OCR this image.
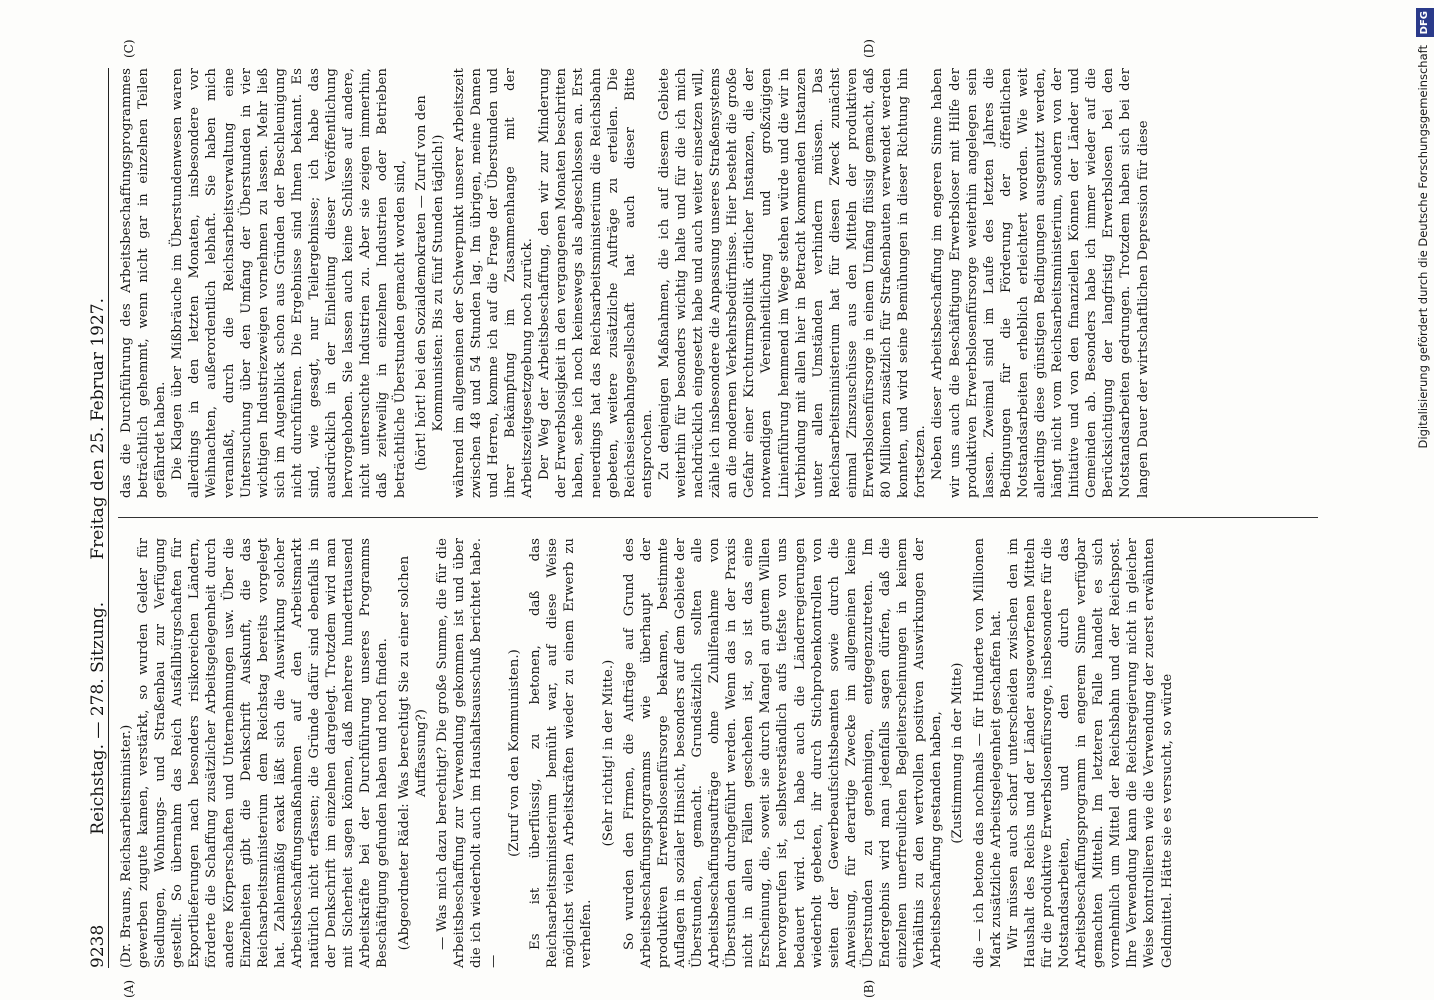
9238
Reichstag. — 278. Sitzung.
Freitag den 25. Februar 1927.
(A)	(B)
(C)	(D)

(Dr. Brauns, Reichsarbeitsminister.) gewerben zugute kamen, verstärkt, so wurden Gelder für Siedlungen, Wohnungs- und Straßenbau zur Verfügung gestellt. So übernahm das Reich Ausfallbürgschaften für Exportlieferungen nach besonders risikoreichen Ländern, förderte die Schaffung zusätzlicher Arbeitsgelegenheit durch andere Körperschaften und Unternehmungen usw. Über die Einzelheiten gibt die Denkschrift Auskunft, die das Reichsarbeitsministerium dem Reichstag bereits vorgelegt hat. Zahlenmäßig exakt läßt sich die Auswirkung solcher Arbeitsbeschaffungsmaßnahmen auf den Arbeitsmarkt natürlich nicht erfassen; die Gründe dafür sind ebenfalls in der Denkschrift im einzelnen dargelegt. Trotzdem wird man mit Sicherheit sagen können, daß mehrere hunderttausend Arbeitskräfte bei der Durchführung unseres Programms Beschäftigung gefunden haben und noch finden. (Abgeordneter Rädel: Was berechtigt Sie zu einer solchen Auffassung?) — Was mich dazu berechtigt? Die große Summe, die für die Arbeitsbeschaffung zur Verwendung gekommen ist und über die ich wiederholt auch im Haushaltsausschuß berichtet habe. —

(Zuruf von den Kommunisten.) Es ist überflüssig, zu betonen, daß das Reichsarbeitsministerium bemüht war, auf diese Weise möglichst vielen Arbeitskräften wieder zu einem Erwerb zu verhelfen.

(Sehr richtig! in der Mitte.) So wurden den Firmen, die Aufträge auf Grund des Arbeitsbeschaffungsprogramms wie überhaupt der produktiven Erwerbslosenfürsorge bekamen, bestimmte Auflagen in sozialer Hinsicht, besonders auf dem Gebiete der Überstunden, gemacht. Grundsätzlich sollten alle Arbeitsbeschaffungsaufträge ohne Zuhilfenahme von Überstunden durchgeführt werden. Wenn das in der Praxis nicht in allen Fällen geschehen ist, so ist das eine Erscheinung, die, soweit sie durch Mangel an gutem Willen hervorgerufen ist, selbstverständlich aufs tiefste von uns bedauert wird. Ich habe auch die Länderregierungen wiederholt gebeten, ihr durch Stichprobenkontrollen von seiten der Gewerbeaufsichtsbeamten sowie durch die Anweisung, für derartige Zwecke im allgemeinen keine Überstunden zu genehmigen, entgegenzutreten. Im Endergebnis wird man jedenfalls sagen dürfen, daß die einzelnen unerfreulichen Begleiterscheinungen in keinem Verhältnis zu den wertvollen positiven Auswirkungen der Arbeitsbeschaffung gestanden haben, (Zustimmung in der Mitte) die — ich betone das nochmals — für Hunderte von Millionen Mark zusätzliche Arbeitsgelegenheit geschaffen hat. Wir müssen auch scharf unterscheiden zwischen den im Haushalt des Reichs und der Länder ausgeworfenen Mitteln für die produktive Erwerbslosenfürsorge, insbesondere für die Notstandsarbeiten, und den durch das Arbeitsbeschaffungsprogramm in engerem Sinne verfügbar gemachten Mitteln. Im letzteren Falle handelt es sich vornehmlich um Mittel der Reichsbahn und der Reichspost. Ihre Verwendung kann die Reichsregierung nicht in gleicher Weise kontrollieren wie die Verwendung der zuerst erwähnten Geldmittel. Hätte sie es versucht, so würde

das die Durchführung des Arbeitsbeschaffungsprogrammes beträchtlich gehemmt, wenn nicht gar in einzelnen Teilen gefährdet haben. Die Klagen über Mißbräuche im Überstundenwesen waren allerdings in den letzten Monaten, insbesondere vor Weihnachten, außerordentlich lebhaft. Sie haben mich veranlaßt, durch die Reichsarbeitsverwaltung eine Untersuchung über den Umfang der Überstunden in vier wichtigen Industriezweigen vornehmen zu lassen. Mehr ließ sich im Augenblick schon aus Gründen der Beschleunigung nicht durchführen. Die Ergebnisse sind Ihnen bekannt. Es sind, wie gesagt, nur Teilergebnisse; ich habe das ausdrücklich in der Einleitung dieser Veröffentlichung hervorgehoben. Sie lassen auch keine Schlüsse auf andere, nicht untersuchte Industrien zu. Aber sie zeigen immerhin, daß zeitweilig in einzelnen Industrien oder Betrieben beträchtliche Überstunden gemacht worden sind, (hört! hört! bei den Sozialdemokraten — Zuruf von den Kommunisten: Bis zu fünf Stunden täglich!) während im allgemeinen der Schwerpunkt unserer Arbeitszeit zwischen 48 und 54 Stunden lag. Im übrigen, meine Damen und Herren, komme ich auf die Frage der Überstunden und ihrer Bekämpfung im Zusammenhange mit der Arbeitszeitgesetzgebung noch zurück. Der Weg der Arbeitsbeschaffung, den wir zur Minderung der Erwerbslosigkeit in den vergangenen Monaten beschritten haben, sehe ich noch keineswegs als abgeschlossen an. Erst neuerdings hat das Reichsarbeitsministerium die Reichsbahn gebeten, weitere zusätzliche Aufträge zu erteilen. Die Reichseisenbahngesellschaft hat auch dieser Bitte entsprochen. Zu denjenigen Maßnahmen, die ich auf diesem Gebiete weiterhin für besonders wichtig halte und für die ich mich nachdrücklich eingesetzt habe und auch weiter einsetzen will, zähle ich insbesondere die Anpassung unseres Straßensystems an die modernen Verkehrsbedürfnisse. Hier besteht die große Gefahr einer Kirchturmspolitik örtlicher Instanzen, die der notwendigen Vereinheitlichung und großzügigen Linienführung hemmend im Wege stehen würde und die wir in Verbindung mit allen hier in Betracht kommenden Instanzen unter allen Umständen verhindern müssen. Das Reichsarbeitsministerium hat für diesen Zweck zunächst einmal Zinszuschüsse aus den Mitteln der produktiven Erwerbslosenfürsorge in einem Umfang flüssig gemacht, daß 80 Millionen zusätzlich für Straßenbauten verwendet werden konnten, und wird seine Bemühungen in dieser Richtung hin fortsetzen. Neben dieser Arbeitsbeschaffung im engeren Sinne haben wir uns auch die Beschäftigung Erwerbsloser mit Hilfe der produktiven Erwerbslosenfürsorge weiterhin angelegen sein lassen. Zweimal sind im Laufe des letzten Jahres die Bedingungen für die Förderung der öffentlichen Notstandsarbeiten erheblich erleichtert worden. Wie weit allerdings diese günstigen Bedingungen ausgenutzt werden, hängt nicht vom Reichsarbeitsministerium, sondern von der Initiative und von den finanziellen Können der Länder und Gemeinden ab. Besonders habe ich immer wieder auf die Berücksichtigung der langfristig Erwerbslosen bei den Notstandsarbeiten gedrungen. Trotzdem haben sich bei der langen Dauer der wirtschaftlichen Depression für diese	Digitalisierung gefördert durch die Deutsche Forschungsgemeinschaft DFG
